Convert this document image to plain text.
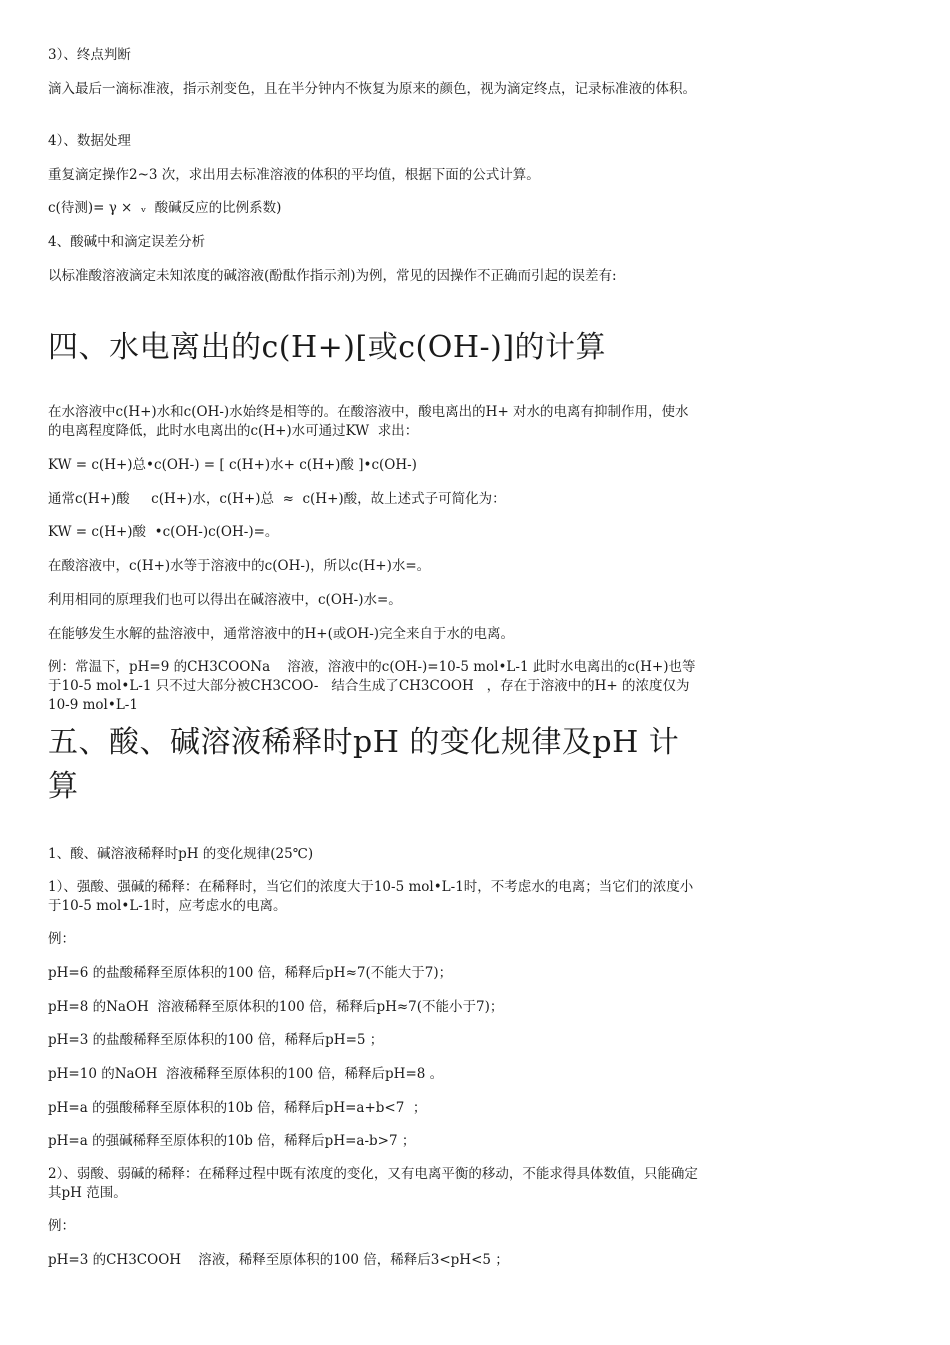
3）、终点判断

滴入最后一滴标准液，指示剂变色，且在半分钟内不恢复为原来的颜色，视为滴定终点，记录标准液的体积。

4）、数据处理

重复滴定操作2~3 次，求出用去标准溶液的体积的平均值，根据下面的公式计算。

c(待测)= γ ×  ᵥ  酸碱反应的比例系数)

4、酸碱中和滴定误差分析

以标准酸溶液滴定未知浓度的碱溶液(酚酞作指示剂)为例，常见的因操作不正确而引起的误差有:

四、水电离出的c(H+)[或c(OH-)]的计算

在水溶液中c(H+)水和c(OH-)水始终是相等的。在酸溶液中，酸电离出的H+ 对水的电离有抑制作用，使水的电离程度降低，此时水电离出的c(H+)水可通过KW  求出：

KW = c(H+)总•c(OH-) = [ c(H+)水+ c(H+)酸 ]•c(OH-)

通常c(H+)酸     c(H+)水，c(H+)总  ≈  c(H+)酸，故上述式子可简化为：

KW = c(H+)酸  •c(OH-)c(OH-)=。

在酸溶液中，c(H+)水等于溶液中的c(OH-)，所以c(H+)水=。

利用相同的原理我们也可以得出在碱溶液中，c(OH-)水=。

在能够发生水解的盐溶液中，通常溶液中的H+(或OH-)完全来自于水的电离。

例：常温下，pH=9 的CH3COONa    溶液，溶液中的c(OH-)=10-5 mol•L-1 此时水电离出的c(H+)也等于10-5 mol•L-1 只不过大部分被CH3COO-   结合生成了CH3COOH   ，存在于溶液中的H+ 的浓度仅为10-9 mol•L-1

五、酸、碱溶液稀释时pH 的变化规律及pH 计算

1、酸、碱溶液稀释时pH 的变化规律(25℃)

1）、强酸、强碱的稀释：在稀释时，当它们的浓度大于10-5 mol•L-1时，不考虑水的电离；当它们的浓度小于10-5 mol•L-1时，应考虑水的电离。

例：

pH=6 的盐酸稀释至原体积的100 倍，稀释后pH≈7(不能大于7)；

pH=8 的NaOH  溶液稀释至原体积的100 倍，稀释后pH≈7(不能小于7)；

pH=3 的盐酸稀释至原体积的100 倍，稀释后pH=5 ；

pH=10 的NaOH  溶液稀释至原体积的100 倍，稀释后pH=8 。

pH=a 的强酸稀释至原体积的10b 倍，稀释后pH=a+b<7  ；

pH=a 的强碱稀释至原体积的10b 倍，稀释后pH=a-b>7 ；

2）、弱酸、弱碱的稀释：在稀释过程中既有浓度的变化，又有电离平衡的移动，不能求得具体数值，只能确定其pH 范围。

例：

pH=3 的CH3COOH    溶液，稀释至原体积的100 倍，稀释后3<pH<5 ；
